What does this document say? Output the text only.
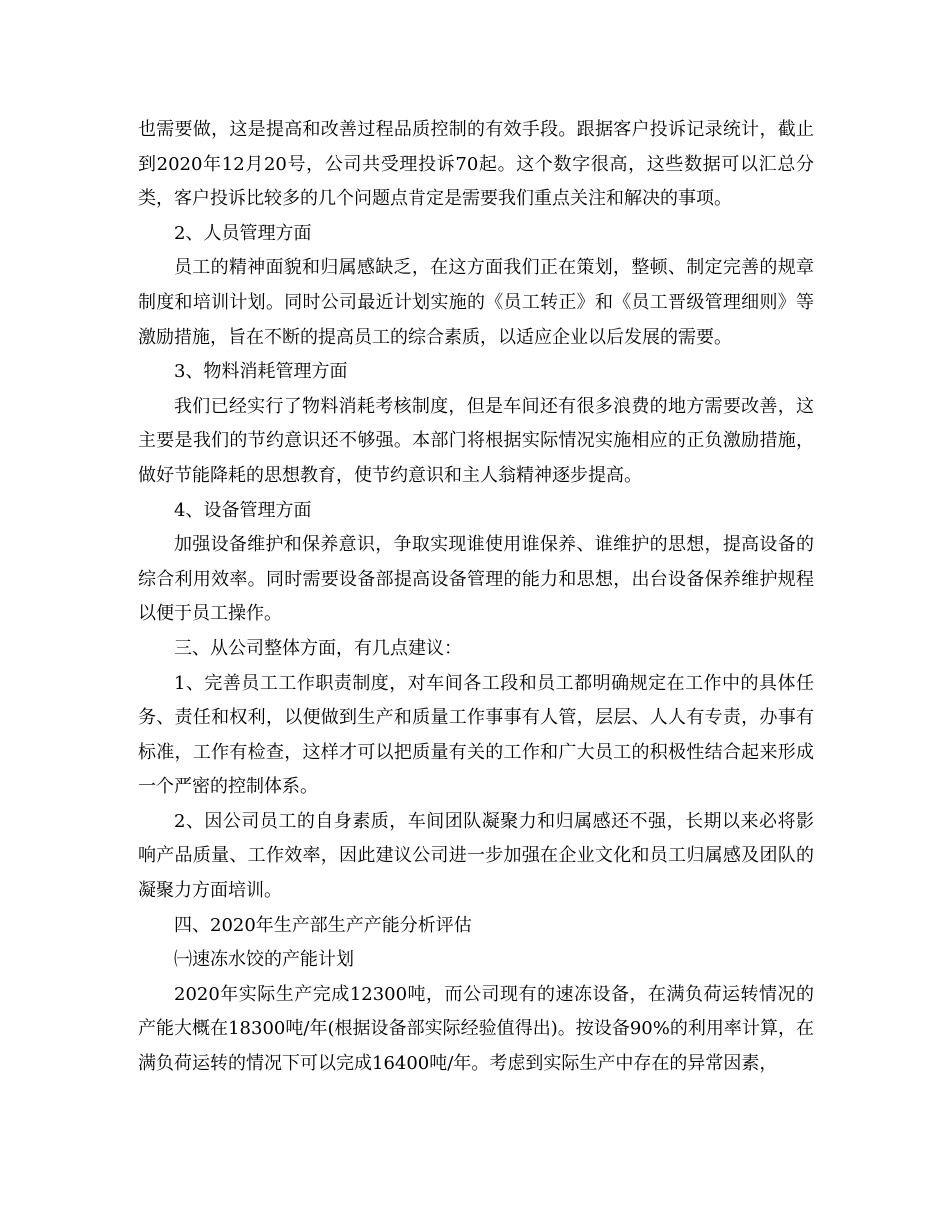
也需要做，这是提高和改善过程品质控制的有效手段。跟据客户投诉记录统计，截止到2020年12月20号，公司共受理投诉70起。这个数字很高，这些数据可以汇总分类，客户投诉比较多的几个问题点肯定是需要我们重点关注和解决的事项。

2、人员管理方面

员工的精神面貌和归属感缺乏，在这方面我们正在策划，整顿、制定完善的规章制度和培训计划。同时公司最近计划实施的《员工转正》和《员工晋级管理细则》等激励措施，旨在不断的提高员工的综合素质，以适应企业以后发展的需要。

3、物料消耗管理方面

我们已经实行了物料消耗考核制度，但是车间还有很多浪费的地方需要改善，这主要是我们的节约意识还不够强。本部门将根据实际情况实施相应的正负激励措施，做好节能降耗的思想教育，使节约意识和主人翁精神逐步提高。

4、设备管理方面

加强设备维护和保养意识，争取实现谁使用谁保养、谁维护的思想，提高设备的综合利用效率。同时需要设备部提高设备管理的能力和思想，出台设备保养维护规程以便于员工操作。

三、从公司整体方面，有几点建议：

1、完善员工工作职责制度，对车间各工段和员工都明确规定在工作中的具体任务、责任和权利，以便做到生产和质量工作事事有人管，层层、人人有专责，办事有标准，工作有检查，这样才可以把质量有关的工作和广大员工的积极性结合起来形成一个严密的控制体系。

2、因公司员工的自身素质，车间团队凝聚力和归属感还不强，长期以来必将影响产品质量、工作效率，因此建议公司进一步加强在企业文化和员工归属感及团队的凝聚力方面培训。

四、2020年生产部生产产能分析评估

㈠速冻水饺的产能计划

2020年实际生产完成12300吨，而公司现有的速冻设备，在满负荷运转情况的产能大概在18300吨/年(根据设备部实际经验值得出)。按设备90%的利用率计算，在满负荷运转的情况下可以完成16400吨/年。考虑到实际生产中存在的异常因素，
